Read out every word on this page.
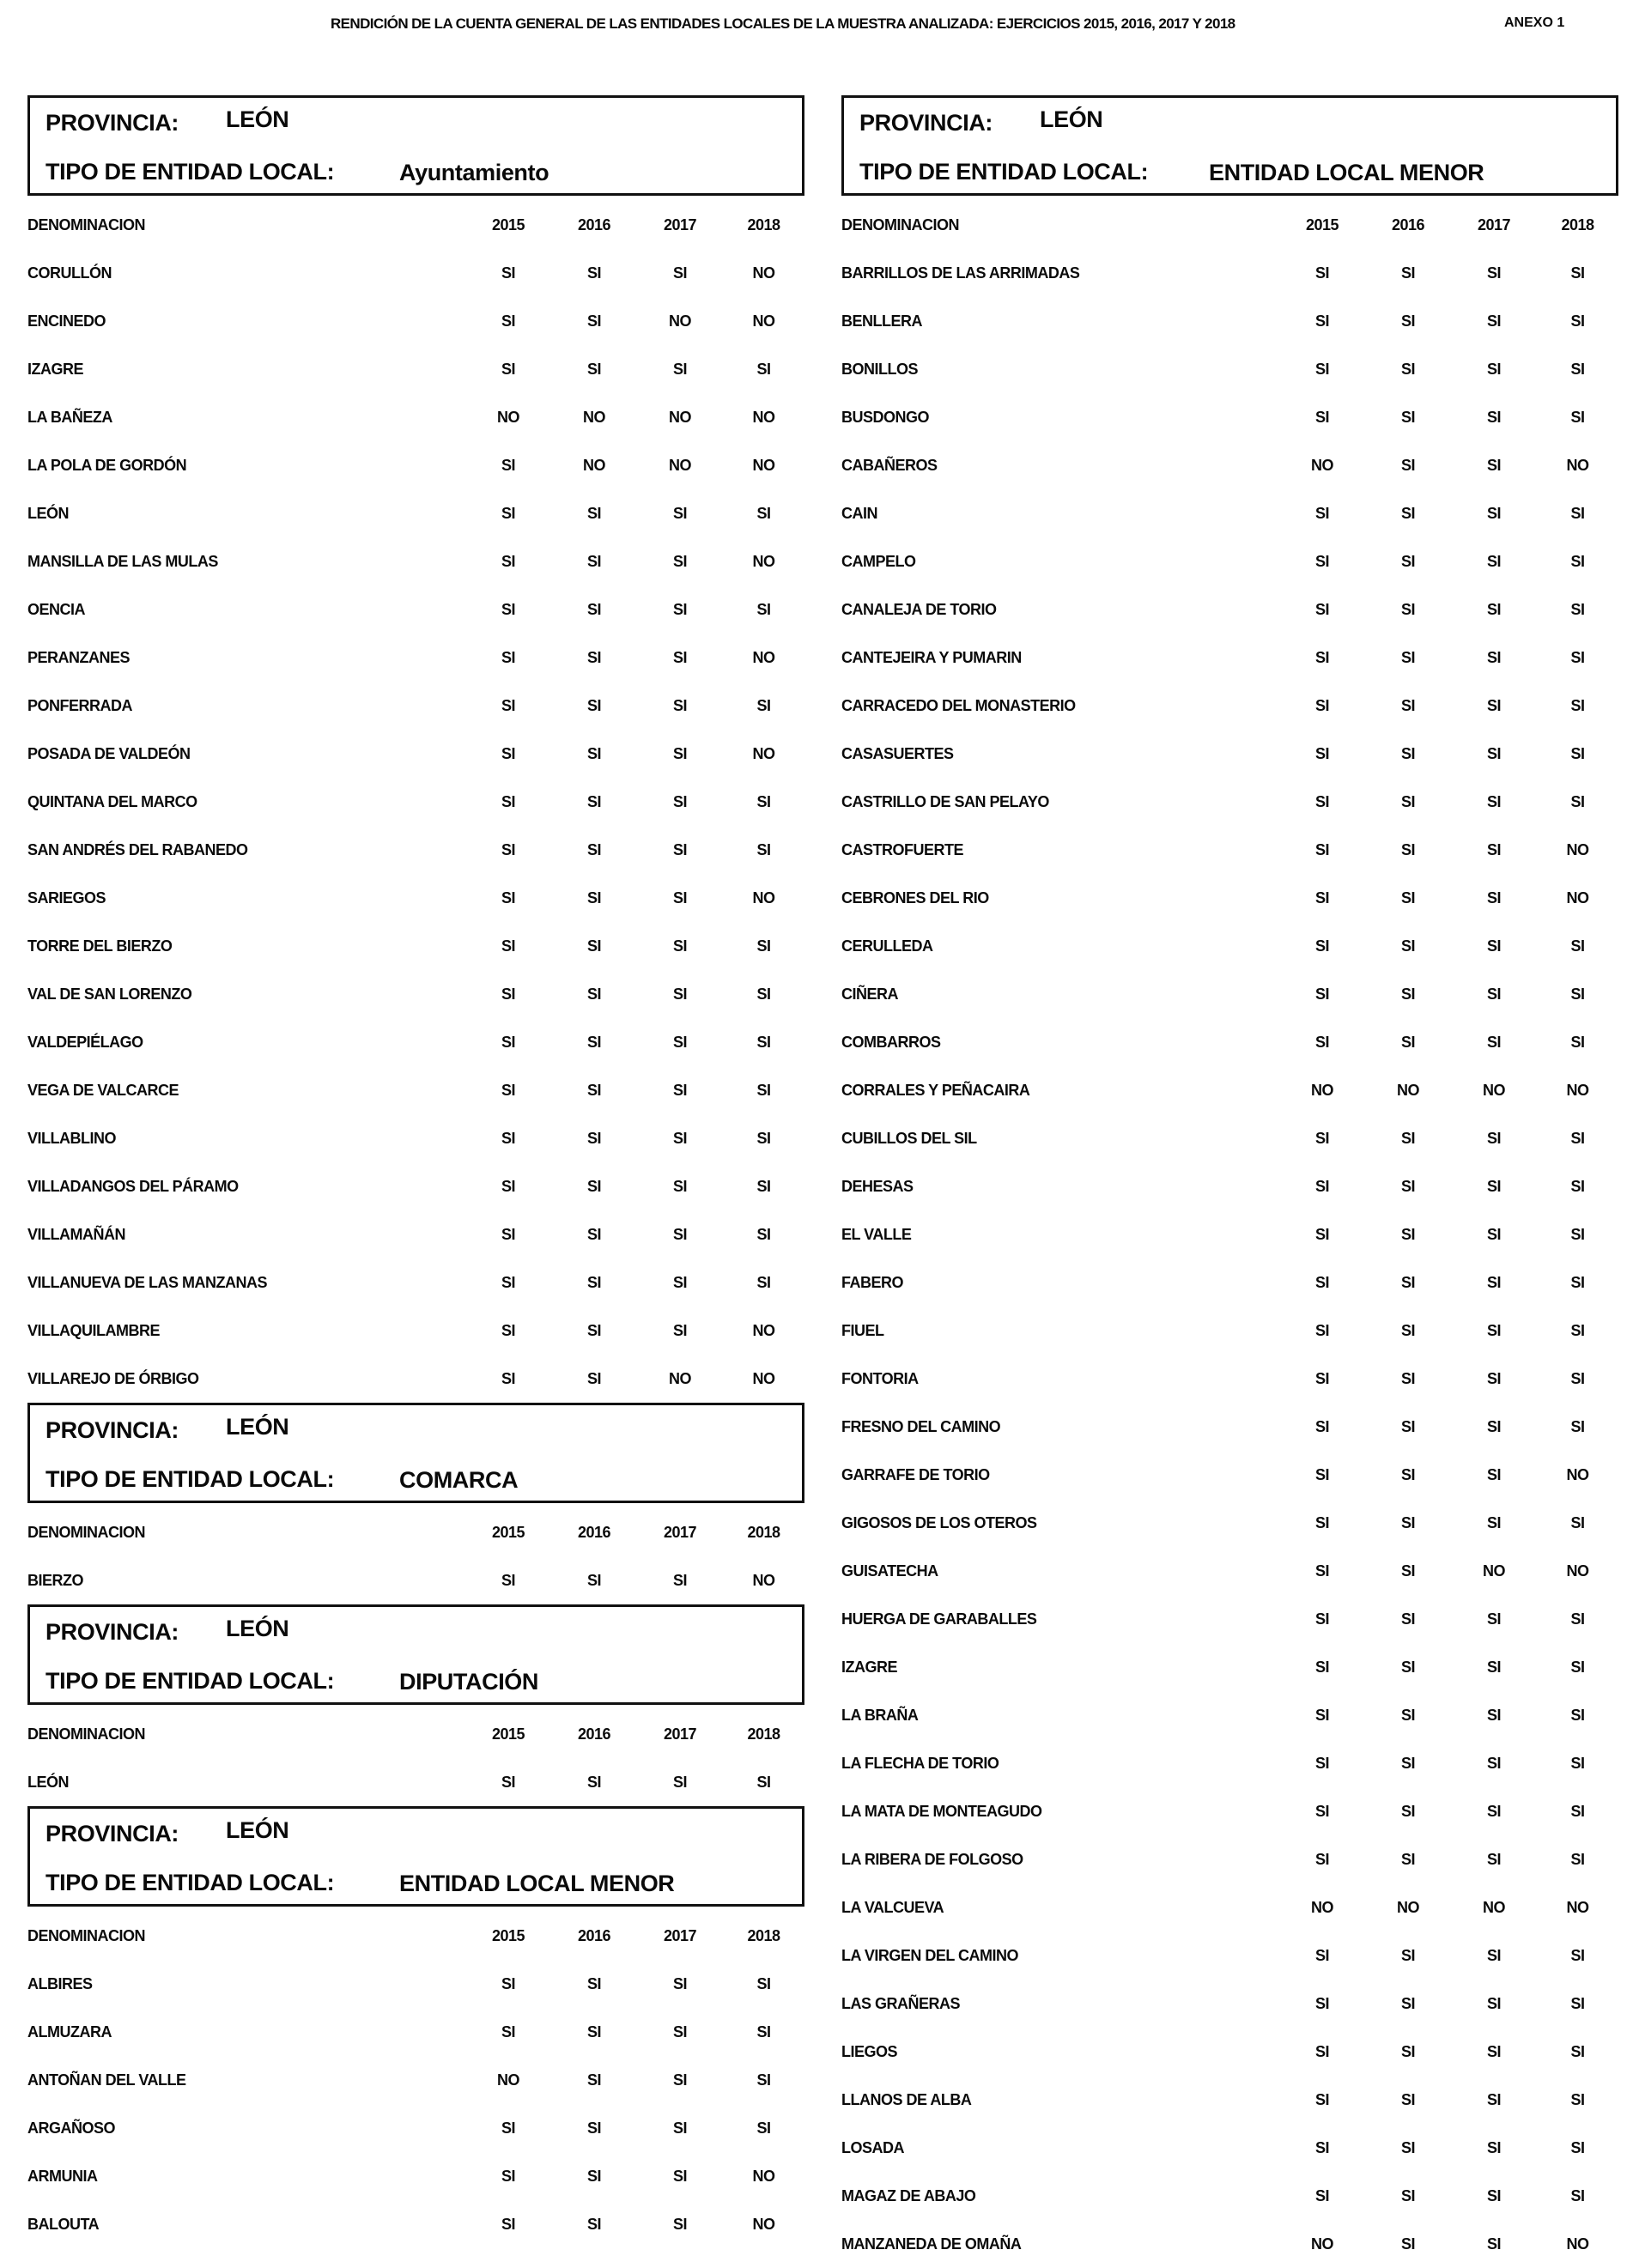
RENDICIÓN DE LA CUENTA GENERAL DE LAS ENTIDADES LOCALES DE LA MUESTRA ANALIZADA: EJERCICIOS 2015, 2016, 2017 Y 2018	ANEXO 1
PROVINCIA: LEÓN
TIPO DE ENTIDAD LOCAL:	Ayuntamiento
DENOMINACION	2015	2016	2017	2018
CORULLÓN	SI	SI	SI	NO
ENCINEDO	SI	SI	NO	NO
IZAGRE	SI	SI	SI	SI
LA BAÑEZA	NO	NO	NO	NO
LA POLA DE GORDÓN	SI	NO	NO	NO
LEÓN	SI	SI	SI	SI
MANSILLA DE LAS MULAS	SI	SI	SI	NO
OENCIA	SI	SI	SI	SI
PERANZANES	SI	SI	SI	NO
PONFERRADA	SI	SI	SI	SI
POSADA DE VALDEÓN	SI	SI	SI	NO
QUINTANA DEL MARCO	SI	SI	SI	SI
SAN ANDRÉS DEL RABANEDO	SI	SI	SI	SI
SARIEGOS	SI	SI	SI	NO
TORRE DEL BIERZO	SI	SI	SI	SI
VAL DE SAN LORENZO	SI	SI	SI	SI
VALDEPIÉLAGO	SI	SI	SI	SI
VEGA DE VALCARCE	SI	SI	SI	SI
VILLABLINO	SI	SI	SI	SI
VILLADANGOS DEL PÁRAMO	SI	SI	SI	SI
VILLAMAÑÁN	SI	SI	SI	SI
VILLANUEVA DE LAS MANZANAS	SI	SI	SI	SI
VILLAQUILAMBRE	SI	SI	SI	NO
VILLAREJO DE ÓRBIGO	SI	SI	NO	NO
PROVINCIA: LEÓN
TIPO DE ENTIDAD LOCAL:	COMARCA
DENOMINACION	2015	2016	2017	2018
BIERZO	SI	SI	SI	NO
PROVINCIA: LEÓN
TIPO DE ENTIDAD LOCAL:	DIPUTACIÓN
DENOMINACION	2015	2016	2017	2018
LEÓN	SI	SI	SI	SI
PROVINCIA: LEÓN
TIPO DE ENTIDAD LOCAL:	ENTIDAD LOCAL MENOR
DENOMINACION	2015	2016	2017	2018
ALBIRES	SI	SI	SI	SI
ALMUZARA	SI	SI	SI	SI
ANTOÑAN DEL VALLE	NO	SI	SI	SI
ARGAÑOSO	SI	SI	SI	SI
ARMUNIA	SI	SI	SI	NO
BALOUTA	SI	SI	SI	NO
PROVINCIA: LEÓN
TIPO DE ENTIDAD LOCAL:	ENTIDAD LOCAL MENOR
DENOMINACION	2015	2016	2017	2018
BARRILLOS DE LAS ARRIMADAS	SI	SI	SI	SI
BENLLERA	SI	SI	SI	SI
BONILLOS	SI	SI	SI	SI
BUSDONGO	SI	SI	SI	SI
CABAÑEROS	NO	SI	SI	NO
CAIN	SI	SI	SI	SI
CAMPELO	SI	SI	SI	SI
CANALEJA DE TORIO	SI	SI	SI	SI
CANTEJEIRA Y PUMARIN	SI	SI	SI	SI
CARRACEDO DEL MONASTERIO	SI	SI	SI	SI
CASASUERTES	SI	SI	SI	SI
CASTRILLO DE SAN PELAYO	SI	SI	SI	SI
CASTROFUERTE	SI	SI	SI	NO
CEBRONES DEL RIO	SI	SI	SI	NO
CERULLEDA	SI	SI	SI	SI
CIÑERA	SI	SI	SI	SI
COMBARROS	SI	SI	SI	SI
CORRALES Y PEÑACAIRA	NO	NO	NO	NO
CUBILLOS DEL SIL	SI	SI	SI	SI
DEHESAS	SI	SI	SI	SI
EL VALLE	SI	SI	SI	SI
FABERO	SI	SI	SI	SI
FIUEL	SI	SI	SI	SI
FONTORIA	SI	SI	SI	SI
FRESNO DEL CAMINO	SI	SI	SI	SI
GARRAFE DE TORIO	SI	SI	SI	NO
GIGOSOS DE LOS OTEROS	SI	SI	SI	SI
GUISATECHA	SI	SI	NO	NO
HUERGA DE GARABALLES	SI	SI	SI	SI
IZAGRE	SI	SI	SI	SI
LA BRAÑA	SI	SI	SI	SI
LA FLECHA DE TORIO	SI	SI	SI	SI
LA MATA DE MONTEAGUDO	SI	SI	SI	SI
LA RIBERA DE FOLGOSO	SI	SI	SI	SI
LA VALCUEVA	NO	NO	NO	NO
LA VIRGEN DEL CAMINO	SI	SI	SI	SI
LAS GRAÑERAS	SI	SI	SI	SI
LIEGOS	SI	SI	SI	SI
LLANOS DE ALBA	SI	SI	SI	SI
LOSADA	SI	SI	SI	SI
MAGAZ DE ABAJO	SI	SI	SI	SI
MANZANEDA DE OMAÑA	NO	SI	SI	NO
